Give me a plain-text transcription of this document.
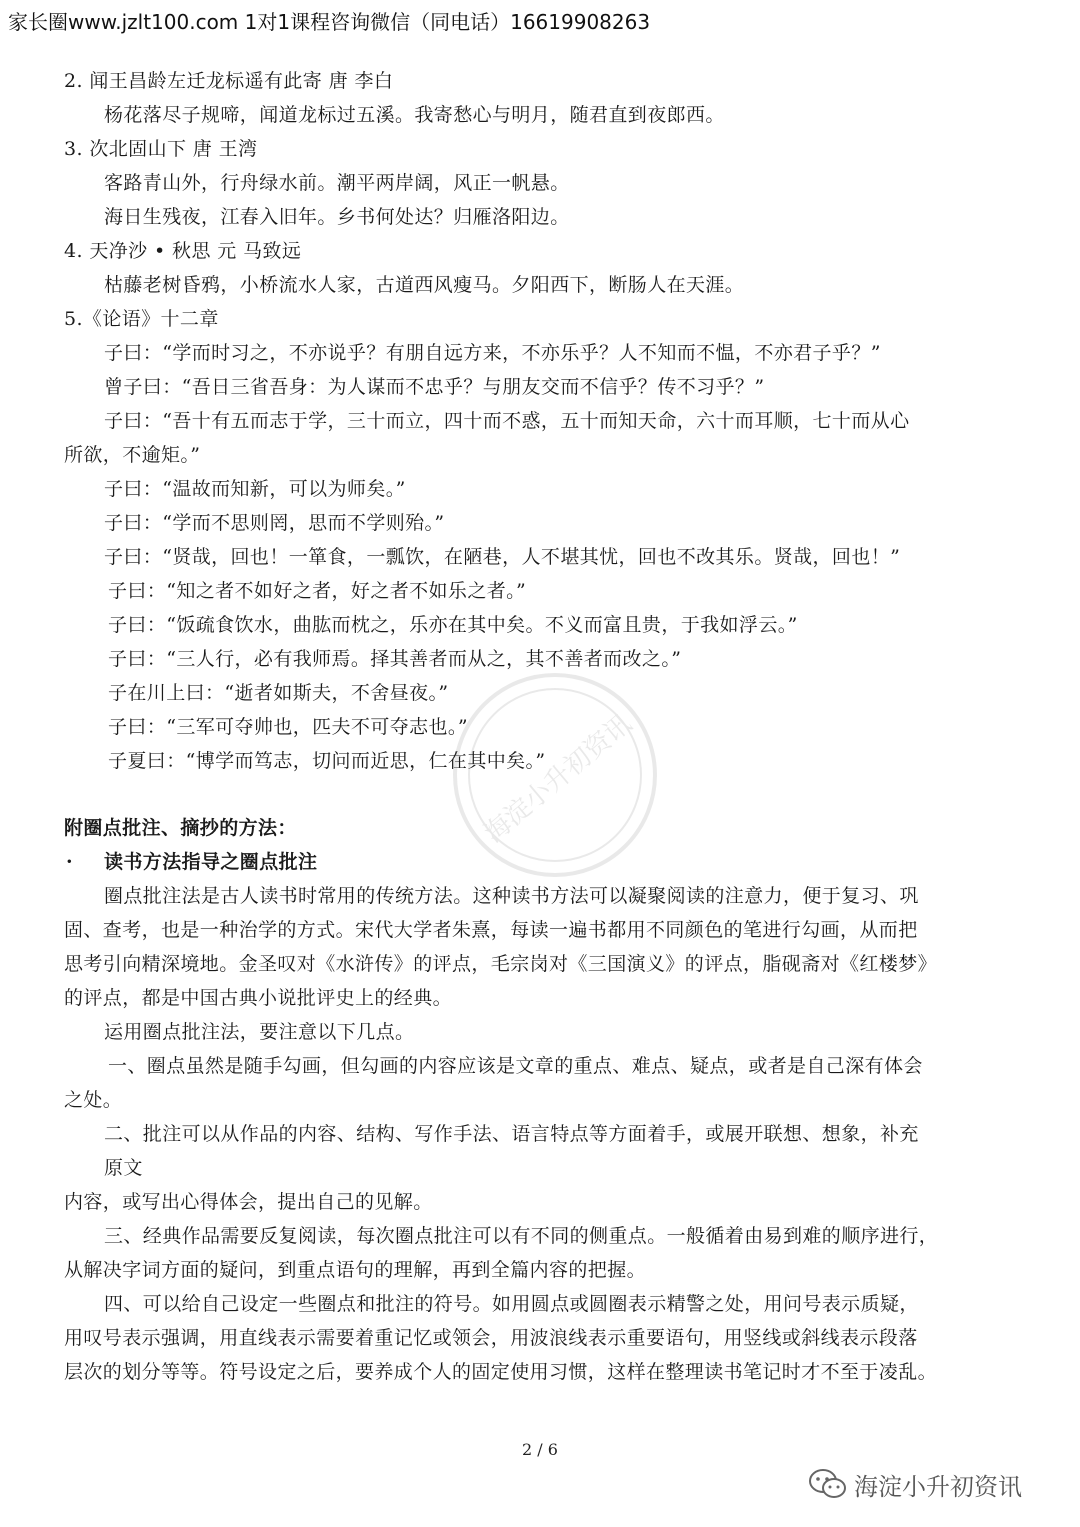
家长圈www.jzlt100.com 1对1课程咨询微信（同电话）16619908263
2. 闻王昌龄左迁龙标遥有此寄 唐 李白
杨花落尽子规啼，闻道龙标过五溪。我寄愁心与明月，随君直到夜郎西。
3. 次北固山下 唐 王湾
客路青山外，行舟绿水前。潮平两岸阔，风正一帆悬。
海日生残夜，江春入旧年。乡书何处达？归雁洛阳边。
4. 天净沙 • 秋思 元 马致远
枯藤老树昏鸦，小桥流水人家，古道西风瘦马。夕阳西下，断肠人在天涯。
5.《论语》十二章
子曰：“学而时习之，不亦说乎？有朋自远方来，不亦乐乎？人不知而不愠，不亦君子乎？”
曾子曰：“吾日三省吾身：为人谋而不忠乎？与朋友交而不信乎？传不习乎？”
子曰：“吾十有五而志于学，三十而立，四十而不惑，五十而知天命，六十而耳顺，七十而从心
所欲，不逾矩。”
子曰：“温故而知新，可以为师矣。”
子曰：“学而不思则罔，思而不学则殆。”
子曰：“贤哉，回也！一箪食，一瓢饮，在陋巷，人不堪其忧，回也不改其乐。贤哉，回也！”
子曰：“知之者不如好之者，好之者不如乐之者。”
子曰：“饭疏食饮水，曲肱而枕之，乐亦在其中矣。不义而富且贵，于我如浮云。”
子曰：“三人行，必有我师焉。择其善者而从之，其不善者而改之。”
子在川上曰：“逝者如斯夫，不舍昼夜。”
子曰：“三军可夺帅也，匹夫不可夺志也。”
子夏曰：“博学而笃志，切问而近思，仁在其中矣。”
附圈点批注、摘抄的方法：
· 读书方法指导之圈点批注
圈点批注法是古人读书时常用的传统方法。这种读书方法可以凝聚阅读的注意力，便于复习、巩
固、查考，也是一种治学的方式。宋代大学者朱熹，每读一遍书都用不同颜色的笔进行勾画，从而把
思考引向精深境地。金圣叹对《水浒传》的评点，毛宗岗对《三国演义》的评点，脂砚斋对《红楼梦》
的评点，都是中国古典小说批评史上的经典。
运用圈点批注法，要注意以下几点。
一、圈点虽然是随手勾画，但勾画的内容应该是文章的重点、难点、疑点，或者是自己深有体会
之处。
二、批注可以从作品的内容、结构、写作手法、语言特点等方面着手，或展开联想、想象，补充
原文
内容，或写出心得体会，提出自己的见解。
三、经典作品需要反复阅读，每次圈点批注可以有不同的侧重点。一般循着由易到难的顺序进行，
从解决字词方面的疑问，到重点语句的理解，再到全篇内容的把握。
四、可以给自己设定一些圈点和批注的符号。如用圆点或圆圈表示精警之处，用问号表示质疑，
用叹号表示强调，用直线表示需要着重记忆或领会，用波浪线表示重要语句，用竖线或斜线表示段落
层次的划分等等。符号设定之后，要养成个人的固定使用习惯，这样在整理读书笔记时才不至于凌乱。
海淀小升初资讯
2 / 6
海淀小升初资讯
